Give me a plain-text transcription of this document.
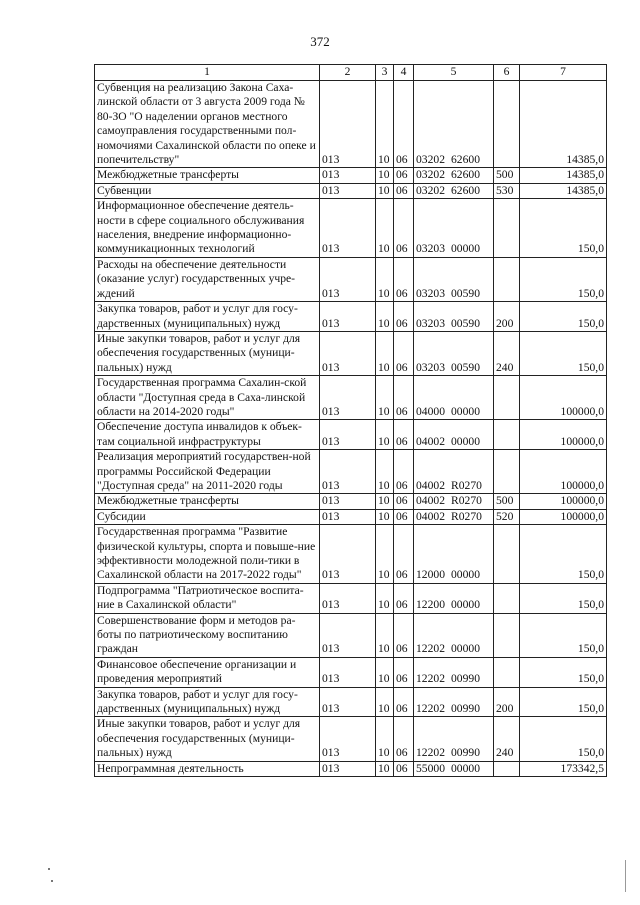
372
1	2	3	4	5	6	7
Субвенция на реализацию Закона Саха-линской области от 3 августа 2009 года № 80-ЗО "О наделении органов местного самоуправления государственными пол-номочиями Сахалинской области по опеке и попечительству"	013	10	06	03202 62600		14385,0
Межбюджетные трансферты	013	10	06	03202 62600	500	14385,0
Субвенции	013	10	06	03202 62600	530	14385,0
Информационное обеспечение деятель-ности в сфере социального обслуживания населения, внедрение информационно-коммуникационных технологий	013	10	06	03203 00000		150,0
Расходы на обеспечение деятельности (оказание услуг) государственных учре-ждений	013	10	06	03203 00590		150,0
Закупка товаров, работ и услуг для госу-дарственных (муниципальных) нужд	013	10	06	03203 00590	200	150,0
Иные закупки товаров, работ и услуг для обеспечения государственных (муници-пальных) нужд	013	10	06	03203 00590	240	150,0
Государственная программа Сахалин-ской области "Доступная среда в Саха-линской области на 2014-2020 годы"	013	10	06	04000 00000		100000,0
Обеспечение доступа инвалидов к объек-там социальной инфраструктуры	013	10	06	04002 00000		100000,0
Реализация мероприятий государствен-ной программы Российской Федерации "Доступная среда" на 2011-2020 годы	013	10	06	04002 R0270		100000,0
Межбюджетные трансферты	013	10	06	04002 R0270	500	100000,0
Субсидии	013	10	06	04002 R0270	520	100000,0
Государственная программа "Развитие физической культуры, спорта и повыше-ние эффективности молодежной поли-тики в Сахалинской области на 2017-2022 годы"	013	10	06	12000 00000		150,0
Подпрограмма "Патриотическое воспита-ние в Сахалинской области"	013	10	06	12200 00000		150,0
Совершенствование форм и методов ра-боты по патриотическому воспитанию граждан	013	10	06	12202 00000		150,0
Финансовое обеспечение организации и проведения мероприятий	013	10	06	12202 00990		150,0
Закупка товаров, работ и услуг для госу-дарственных (муниципальных) нужд	013	10	06	12202 00990	200	150,0
Иные закупки товаров, работ и услуг для обеспечения государственных (муници-пальных) нужд	013	10	06	12202 00990	240	150,0
Непрограммная деятельность	013	10	06	55000 00000		173342,5
